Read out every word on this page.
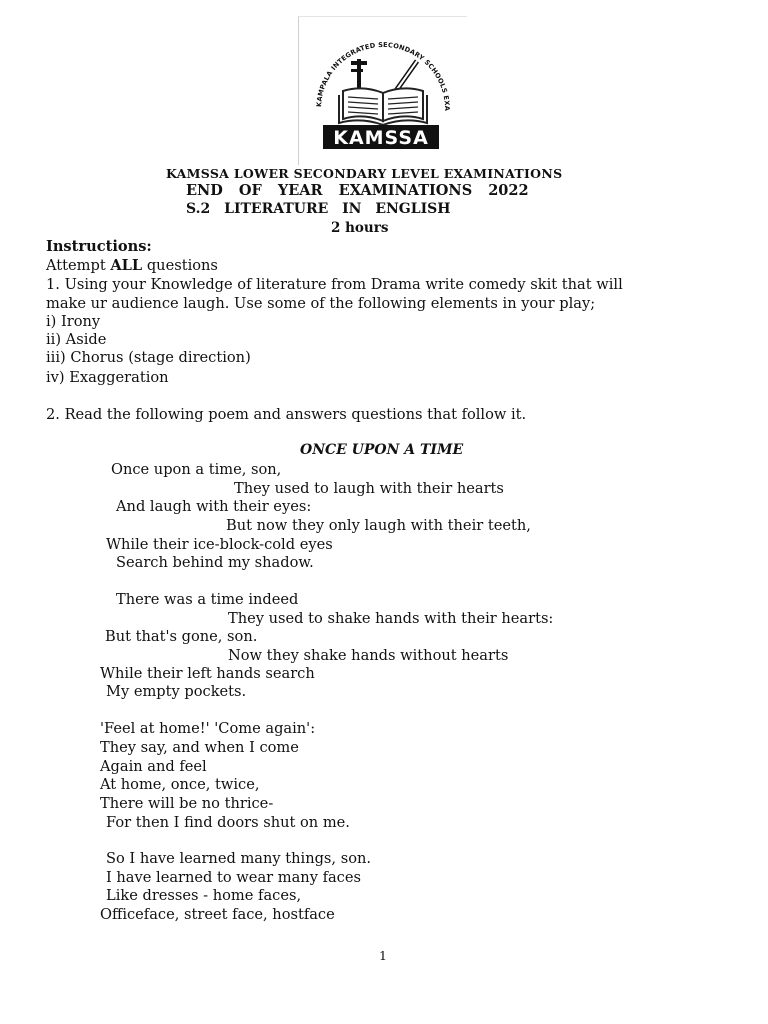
KAMPALA INTEGRATED SECONDARY SCHOOLS EXA
KAMSSA
KAMSSA LOWER SECONDARY LEVEL EXAMINATIONS
END OF YEAR EXAMINATIONS 2022
S.2 LITERATURE IN ENGLISH
2 hours
Instructions:
Attempt ALL questions
1. Using your Knowledge of literature from Drama write comedy skit that will
make ur audience laugh. Use some of the following elements in your play;
i) Irony
ii) Aside
iii) Chorus (stage direction)
iv) Exaggeration
2. Read the following poem and answers questions that follow it.
ONCE UPON A TIME
Once upon a time, son,
They used to laugh with their hearts
And laugh with their eyes:
But now they only laugh with their teeth,
While their ice-block-cold eyes
Search behind my shadow.
There was a time indeed
They used to shake hands with their hearts:
But that's gone, son.
Now they shake hands without hearts
While their left hands search
My empty pockets.
'Feel at home!' 'Come again':
They say, and when I come
Again and feel
At home, once, twice,
There will be no thrice-
For then I find doors shut on me.
So I have learned many things, son.
I have learned to wear many faces
Like dresses - home faces,
Officeface, street face, hostface
1
